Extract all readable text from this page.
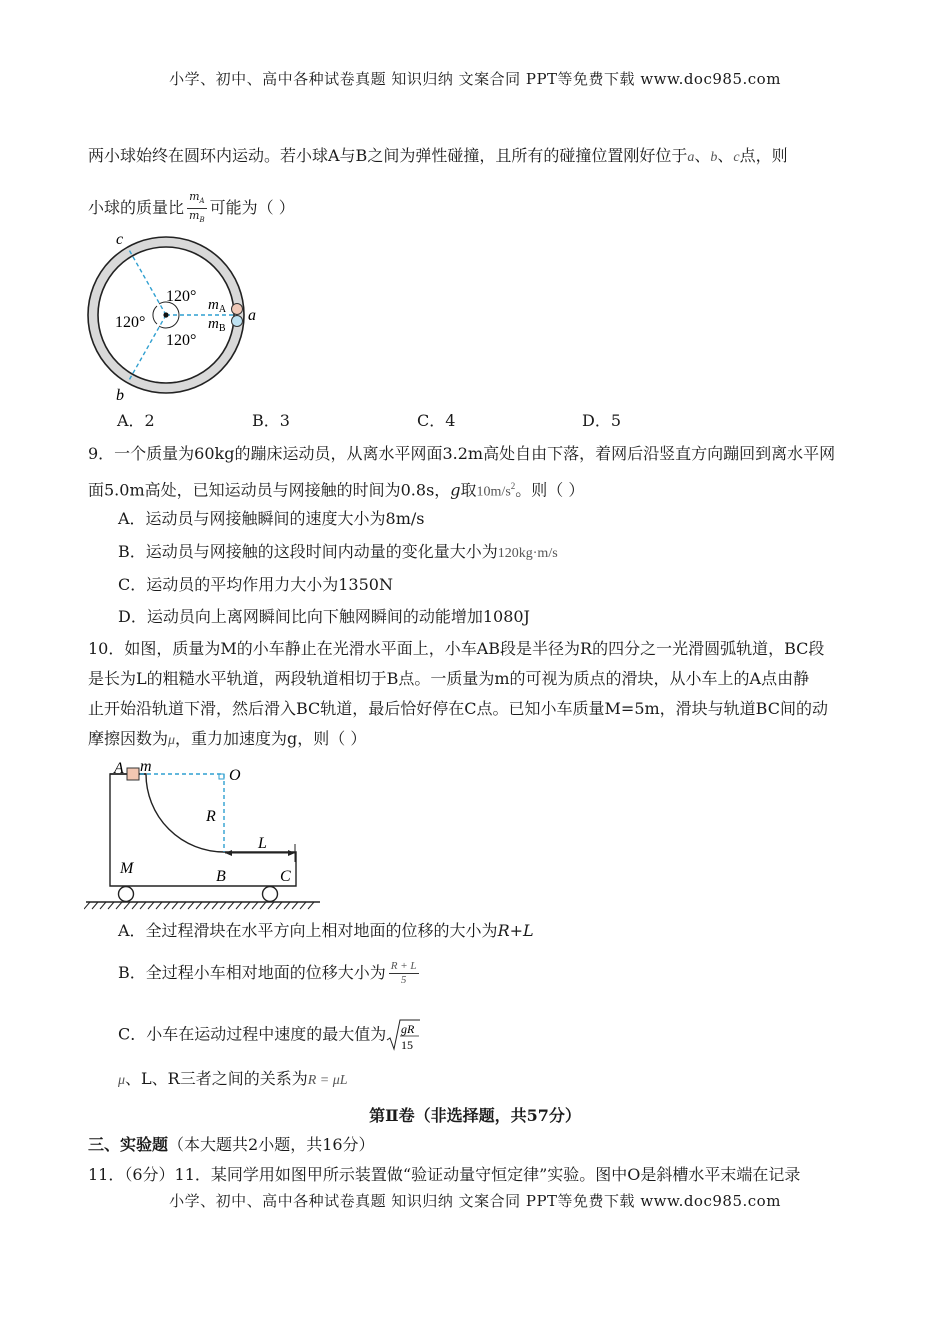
小学、初中、高中各种试卷真题 知识归纳 文案合同 PPT等免费下载 www.doc985.com
两小球始终在圆环内运动。若小球A与B之间为弹性碰撞，且所有的碰撞位置刚好位于a、b、c点，则
小球的质量比 $\frac{m_A}{m_B}$ 可能为（ ）
c
b
a
120°
120°
120°
$m_A$
$m_B$
A．2	B．3	C．4	D．5
9．一个质量为60kg的蹦床运动员，从离水平网面3.2m高处自由下落，着网后沿竖直方向蹦回到离水平网
面5.0m高处，已知运动员与网接触的时间为0.8s，g取$10m/s^2$。则（ ）
A．运动员与网接触瞬间的速度大小为8m/s
B．运动员与网接触的这段时间内动量的变化量大小为120kg·m/s
C．运动员的平均作用力大小为1350N
D．运动员向上离网瞬间比向下触网瞬间的动能增加1080J
10．如图，质量为M的小车静止在光滑水平面上，小车AB段是半径为R的四分之一光滑圆弧轨道，BC段
是长为L的粗糙水平轨道，两段轨道相切于B点。一质量为m的可视为质点的滑块，从小车上的A点由静
止开始沿轨道下滑，然后滑入BC轨道，最后恰好停在C点。已知小车质量M=5m，滑块与轨道BC间的动
摩擦因数为μ，重力加速度为g，则（ ）
A m
O
R
L
M	B	C
A．全过程滑块在水平方向上相对地面的位移的大小为R+L
B．全过程小车相对地面的位移大小为 $\frac{R + L}{5}$
C．小车在运动过程中速度的最大值为 gR
15
μ、L、R三者之间的关系为R = μL
第Ⅱ卷（非选择题，共57分）
三、实验题（本大题共2小题，共16分）
11．（6分）11．某同学用如图甲所示装置做“验证动量守恒定律”实验。图中O是斜槽水平末端在记录
小学、初中、高中各种试卷真题 知识归纳 文案合同 PPT等免费下载 www.doc985.com
